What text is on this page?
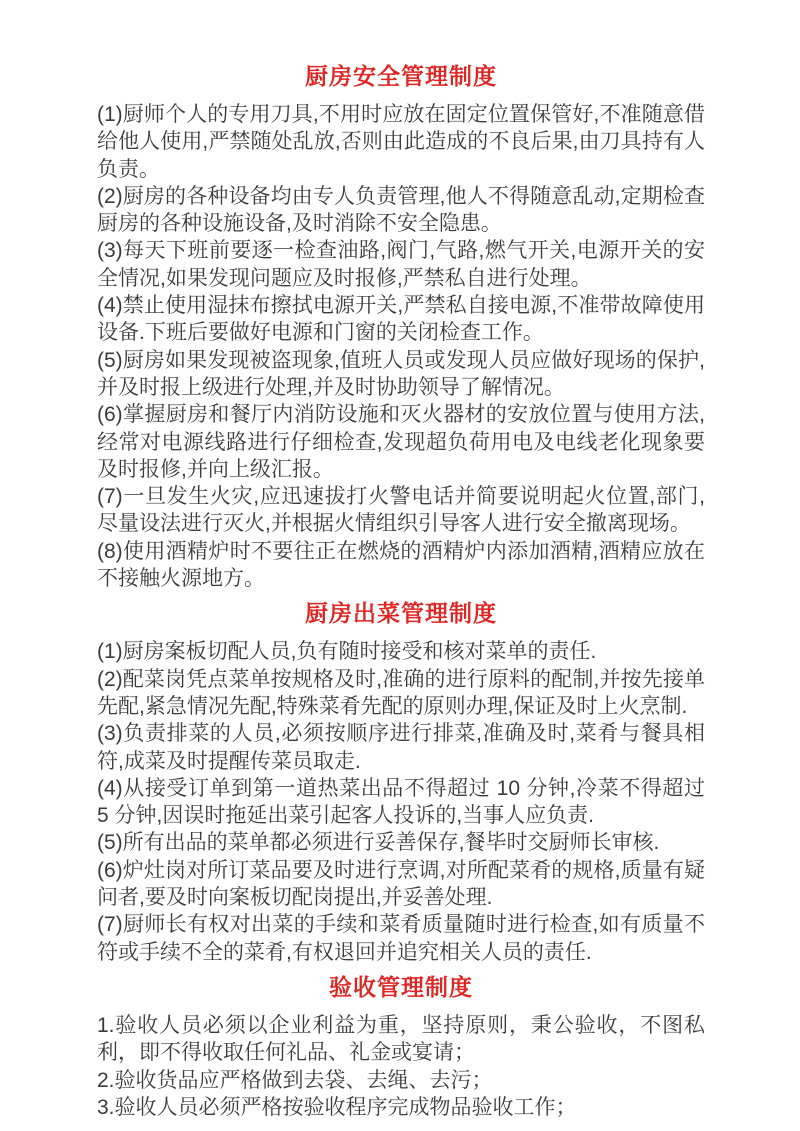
厨房安全管理制度

(1)厨师个人的专用刀具,不用时应放在固定位置保管好,不准随意借给他人使用,严禁随处乱放,否则由此造成的不良后果,由刀具持有人负责。

(2)厨房的各种设备均由专人负责管理,他人不得随意乱动,定期检查厨房的各种设施设备,及时消除不安全隐患。

(3)每天下班前要逐一检查油路,阀门,气路,燃气开关,电源开关的安全情况,如果发现问题应及时报修,严禁私自进行处理。

(4)禁止使用湿抹布擦拭电源开关,严禁私自接电源,不准带故障使用设备.下班后要做好电源和门窗的关闭检查工作。

(5)厨房如果发现被盗现象,值班人员或发现人员应做好现场的保护,并及时报上级进行处理,并及时协助领导了解情况。

(6)掌握厨房和餐厅内消防设施和灭火器材的安放位置与使用方法,经常对电源线路进行仔细检查,发现超负荷用电及电线老化现象要及时报修,并向上级汇报。

(7)一旦发生火灾,应迅速拔打火警电话并简要说明起火位置,部门,尽量设法进行灭火,并根据火情组织引导客人进行安全撤离现场。

(8)使用酒精炉时不要往正在燃烧的酒精炉内添加酒精,酒精应放在不接触火源地方。

厨房出菜管理制度

(1)厨房案板切配人员,负有随时接受和核对菜单的责任.

(2)配菜岗凭点菜单按规格及时,准确的进行原料的配制,并按先接单先配,紧急情况先配,特殊菜肴先配的原则办理,保证及时上火烹制.

(3)负责排菜的人员,必须按顺序进行排菜,准确及时,菜肴与餐具相符,成菜及时提醒传菜员取走.

(4)从接受订单到第一道热菜出品不得超过 10 分钟,冷菜不得超过 5 分钟,因误时拖延出菜引起客人投诉的,当事人应负责.

(5)所有出品的菜单都必须进行妥善保存,餐毕时交厨师长审核.

(6)炉灶岗对所订菜品要及时进行烹调,对所配菜肴的规格,质量有疑问者,要及时向案板切配岗提出,并妥善处理.

(7)厨师长有权对出菜的手续和菜肴质量随时进行检查,如有质量不符或手续不全的菜肴,有权退回并追究相关人员的责任.

验收管理制度

1.验收人员必须以企业利益为重，坚持原则，秉公验收，不图私利，即不得收取任何礼品、礼金或宴请；

2.验收货品应严格做到去袋、去绳、去污；

3.验收人员必须严格按验收程序完成物品验收工作；
